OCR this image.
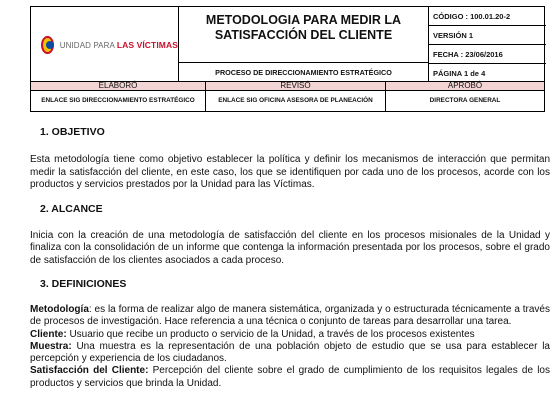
UNIDAD PARA LAS VÍCTIMAS
METODOLOGIA PARA MEDIR LA
SATISFACCIÓN DEL CLIENTE
PROCESO DE DIRECCIONAMIENTO ESTRATÉGICO
CÓDIGO : 100.01.20-2
VERSIÓN 1
FECHA : 23/06/2016
PÁGINA 1 de 4
ELABORÓ	REVISÓ	APROBÓ
ENLACE SIG DIRECCIONAMIENTO ESTRATÉGICO	ENLACE SIG OFICINA ASESORA DE PLANEACIÓN	DIRECTORA GENERAL

1. OBJETIVO

Esta metodología tiene como objetivo establecer la política y definir los mecanismos de interacción que permitan medir la satisfacción del cliente, en este caso, los que se identifiquen por cada uno de los procesos, acorde con los productos y servicios prestados por la Unidad para las Víctimas.

2. ALCANCE

Inicia con la creación de una metodología de satisfacción del cliente en los procesos misionales de la Unidad y finaliza con la consolidación de un informe que contenga la información presentada por los procesos, sobre el grado de satisfacción de los clientes asociados a cada proceso.

3. DEFINICIONES

Metodología: es la forma de realizar algo de manera sistemática, organizada y o estructurada técnicamente a través de procesos de investigación. Hace referencia a una técnica o conjunto de tareas para desarrollar una tarea.

Cliente: Usuario que recibe un producto o servicio de la Unidad, a través de los procesos existentes

Muestra: Una muestra es la representación de una población objeto de estudio que se usa para establecer la percepción y experiencia de los ciudadanos.

Satisfacción del Cliente: Percepción del cliente sobre el grado de cumplimiento de los requisitos legales de los productos y servicios que brinda la Unidad.
